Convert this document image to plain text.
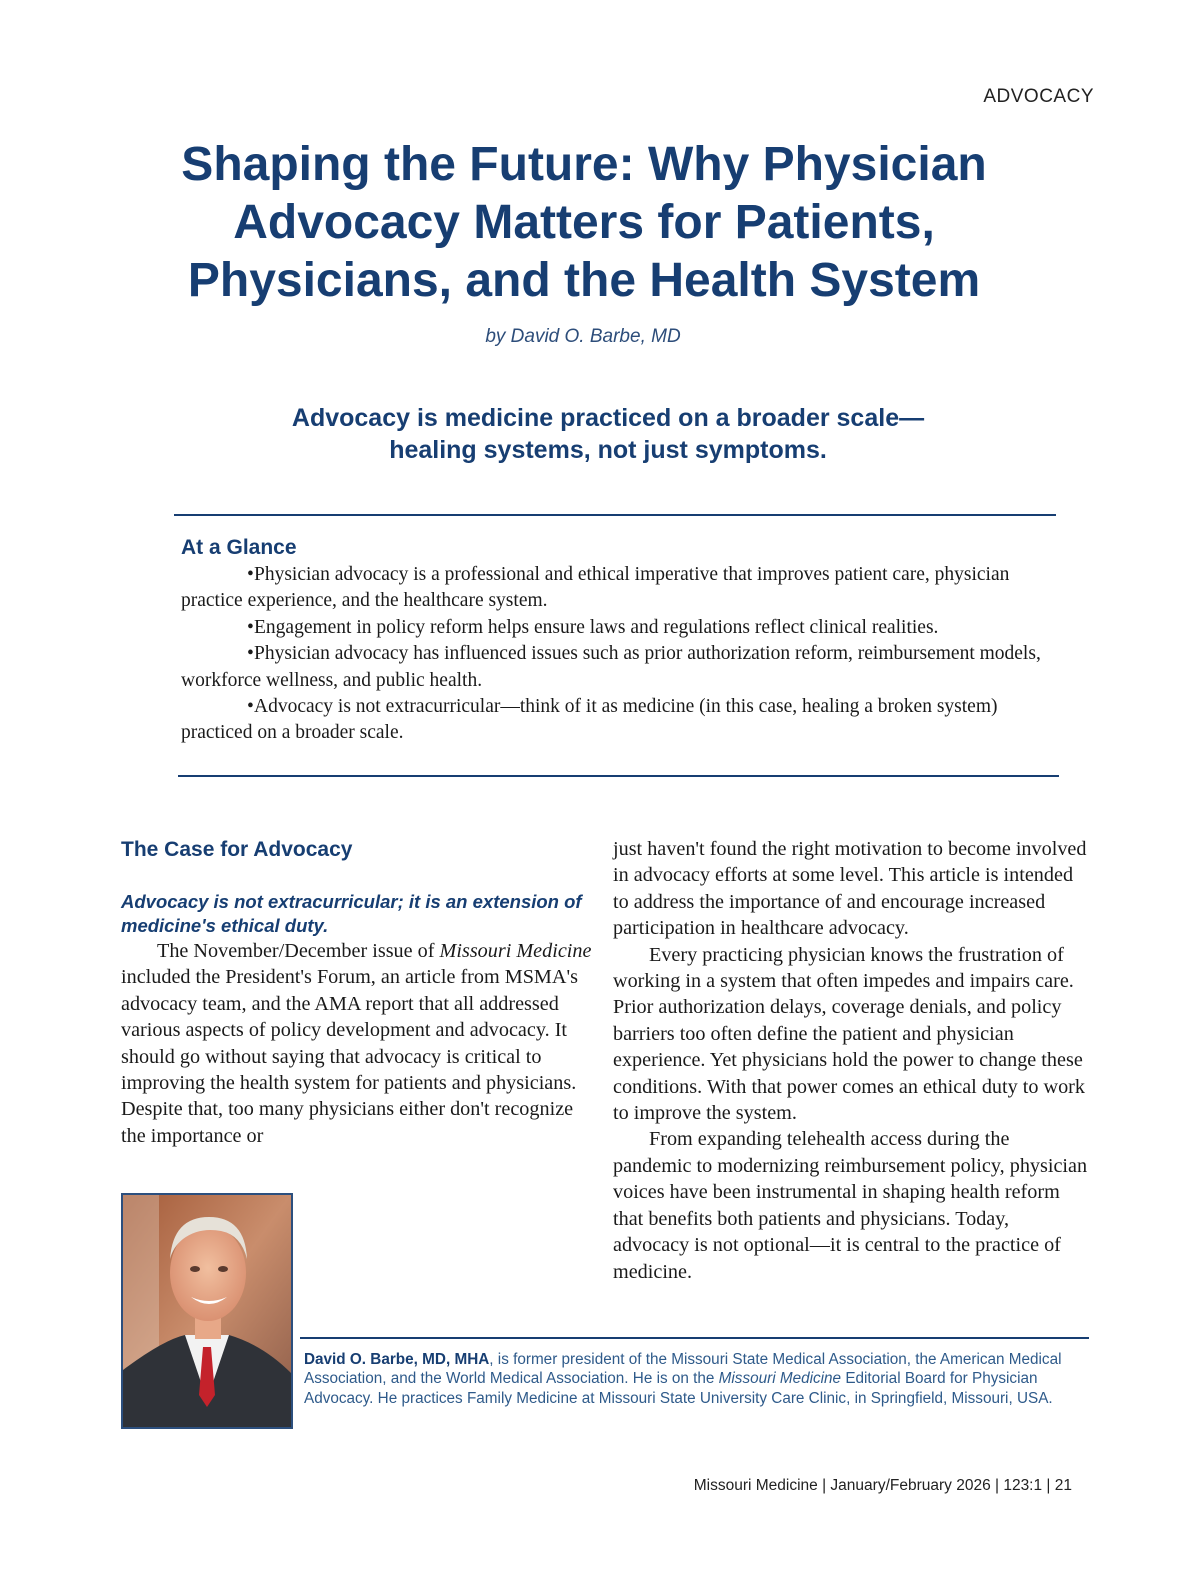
ADVOCACY
Shaping the Future: Why Physician
Advocacy Matters for Patients,
Physicians, and the Health System
by David O. Barbe, MD
Advocacy is medicine practiced on a broader scale—
healing systems, not just symptoms.
At a Glance
•Physician advocacy is a professional and ethical imperative that improves patient care, physician practice experience, and the healthcare system.
•Engagement in policy reform helps ensure laws and regulations reflect clinical realities.
•Physician advocacy has influenced issues such as prior authorization reform, reimbursement models, workforce wellness, and public health.
•Advocacy is not extracurricular—think of it as medicine (in this case, healing a broken system) practiced on a broader scale.
The Case for Advocacy
Advocacy is not extracurricular; it is an extension of medicine's ethical duty.

The November/December issue of Missouri Medicine included the President's Forum, an article from MSMA's advocacy team, and the AMA report that all addressed various aspects of policy development and advocacy. It should go without saying that advocacy is critical to improving the health system for patients and physicians. Despite that, too many physicians either don't recognize the importance or

just haven't found the right motivation to become involved in advocacy efforts at some level. This article is intended to address the importance of and encourage increased participation in healthcare advocacy.

Every practicing physician knows the frustration of working in a system that often impedes and impairs care. Prior authorization delays, coverage denials, and policy barriers too often define the patient and physician experience. Yet physicians hold the power to change these conditions. With that power comes an ethical duty to work to improve the system.

From expanding telehealth access during the pandemic to modernizing reimbursement policy, physician voices have been instrumental in shaping health reform that benefits both patients and physicians. Today, advocacy is not optional—it is central to the practice of medicine.

David O. Barbe, MD, MHA, is former president of the Missouri State Medical Association, the American Medical Association, and the World Medical Association. He is on the Missouri Medicine Editorial Board for Physician Advocacy. He practices Family Medicine at Missouri State University Care Clinic, in Springfield, Missouri, USA.
Missouri Medicine | January/February 2026 | 123:1 | 21
